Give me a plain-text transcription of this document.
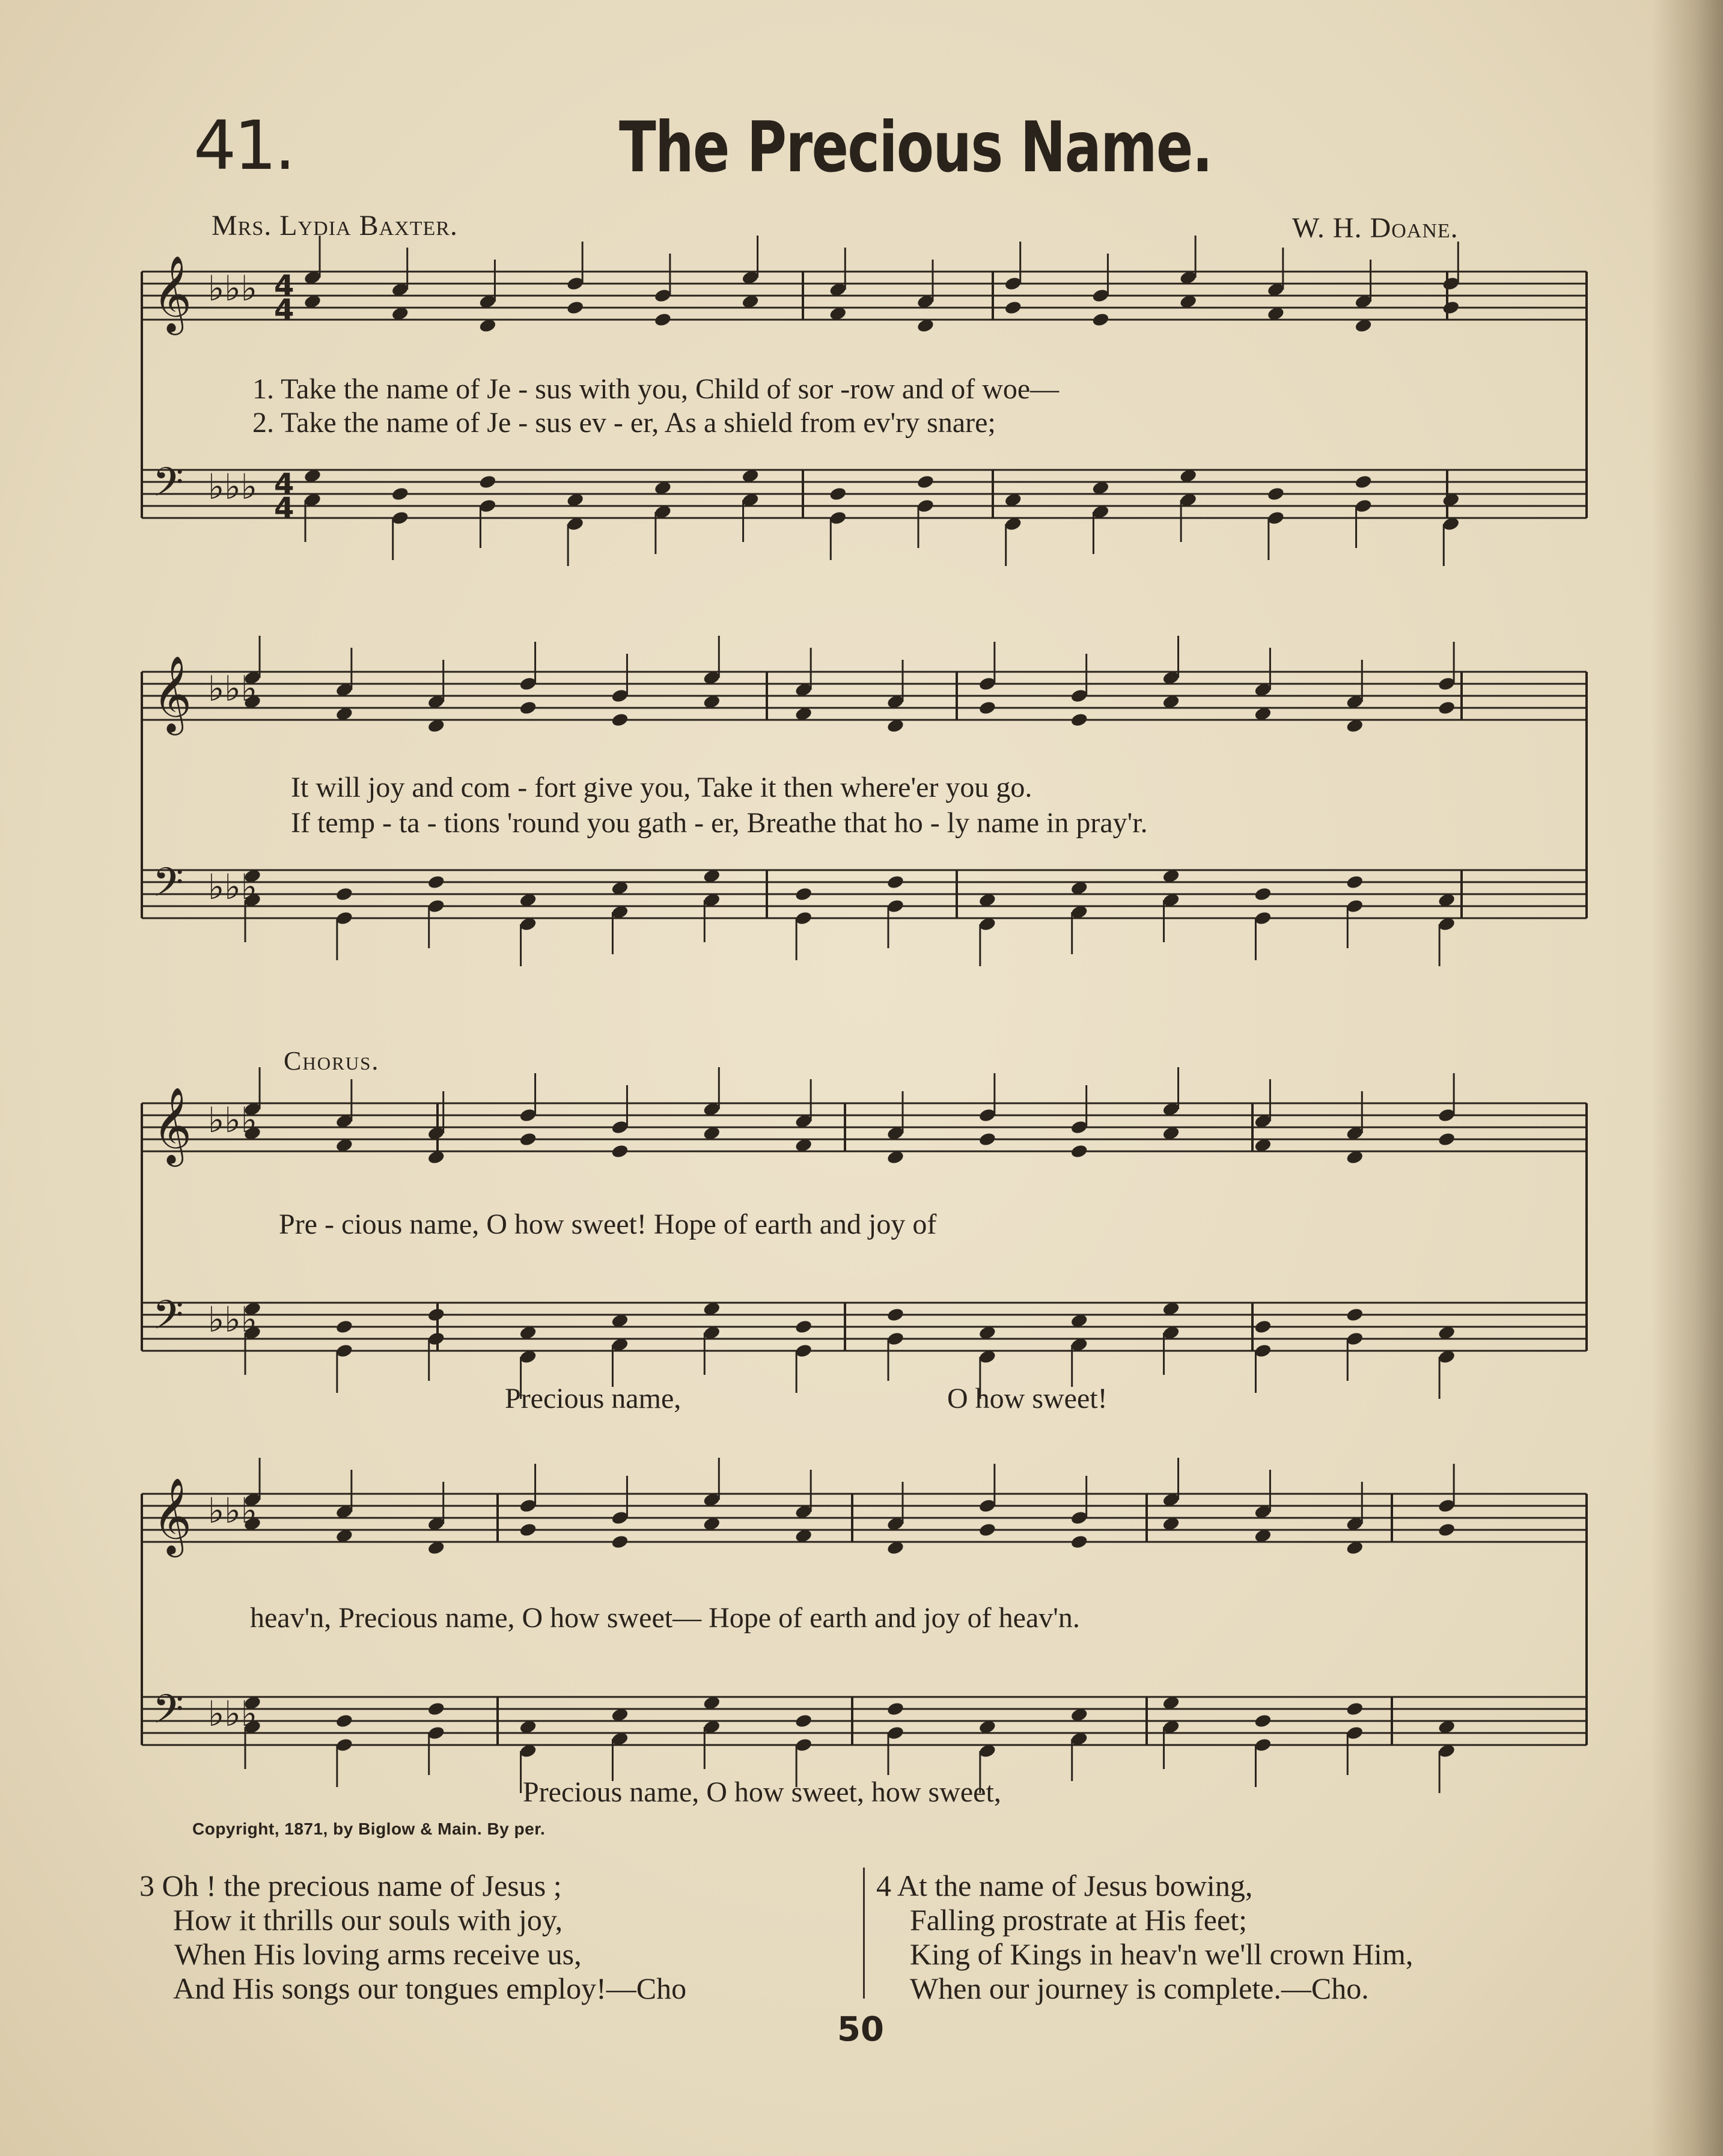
41.	The Precious Name.
Mrs. Lydia Baxter.	W. H. Doane.
𝄞 ♭♭♭ 4
4
𝄢 ♭♭♭ 4
4
𝄞 ♭♭♭
𝄢 ♭♭♭
𝄞 ♭♭♭
𝄢 ♭♭♭
𝄞 ♭♭♭
𝄢 ♭♭♭
1. Take the name of Je - sus with you, Child of sor -row and of woe—
2. Take the name of Je - sus ev - er, As a shield from ev'ry snare;
It will joy and com - fort give you, Take it then where'er you go.
If temp - ta - tions 'round you gath - er, Breathe that ho - ly name in pray'r.
Chorus.
Pre - cious name, O how sweet! Hope of earth and joy of
Precious name,	O how sweet!
heav'n, Precious name, O how sweet— Hope of earth and joy of heav'n.
Precious name, O how sweet, how sweet,
Copyright, 1871, by Biglow & Main. By per.
3 Oh ! the precious name of Jesus ;
How it thrills our souls with joy,
When His loving arms receive us,
And His songs our tongues employ!—Cho
4 At the name of Jesus bowing,
Falling prostrate at His feet;
King of Kings in heav'n we'll crown Him,
When our journey is complete.—Cho.
50
